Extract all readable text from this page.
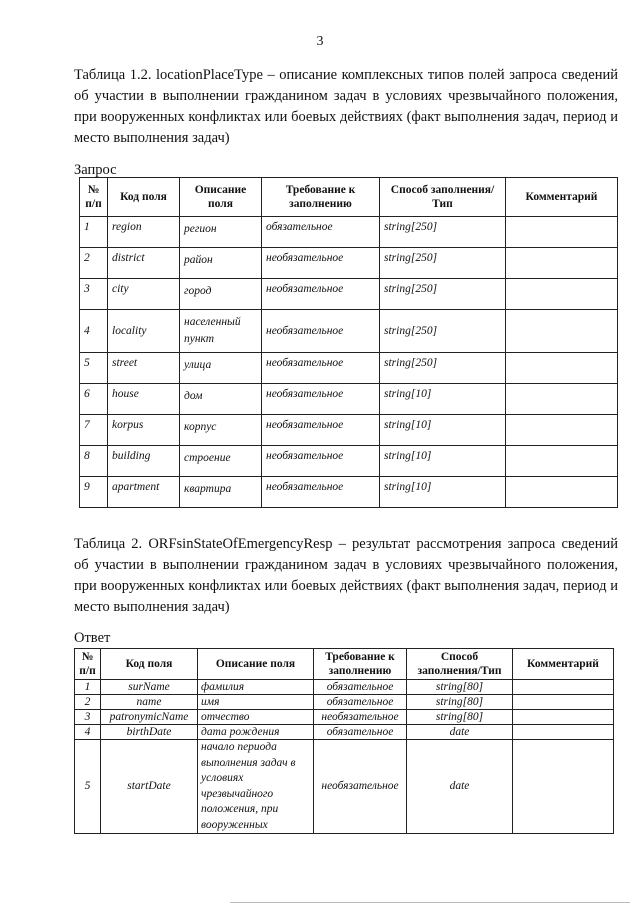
3
Таблица 1.2. locationPlaceType – описание комплексных типов полей запроса сведений об участии в выполнении гражданином задач в условиях чрезвычайного положения, при вооруженных конфликтах или боевых действиях (факт выполнения задач, период и место выполнения задач)
Запрос
№ п/п	Код поля	Описание поля	Требование к заполнению	Способ заполнения/Тип	Комментарий
1	region	регион	обязательное	string[250]	
2	district	район	необязательное	string[250]	
3	city	город	необязательное	string[250]	
4	locality	населенный пункт	необязательное	string[250]	
5	street	улица	необязательное	string[250]	
6	house	дом	необязательное	string[10]	
7	korpus	корпус	необязательное	string[10]	
8	building	строение	необязательное	string[10]	
9	apartment	квартира	необязательное	string[10]	
Таблица 2. ORFsinStateOfEmergencyResp – результат рассмотрения запроса сведений об участии в выполнении гражданином задач в условиях чрезвычайного положения, при вооруженных конфликтах или боевых действиях (факт выполнения задач, период и место выполнения задач)
Ответ
№ п/п	Код поля	Описание поля	Требование к заполнению	Способ заполнения/Тип	Комментарий
1	surName	фамилия	обязательное	string[80]	
2	name	имя	обязательное	string[80]	
3	patronymicName	отчество	необязательное	string[80]	
4	birthDate	дата рождения	обязательное	date	
5	startDate	начало периода выполнения задач в условиях чрезвычайного положения, при вооруженных	необязательное	date	
